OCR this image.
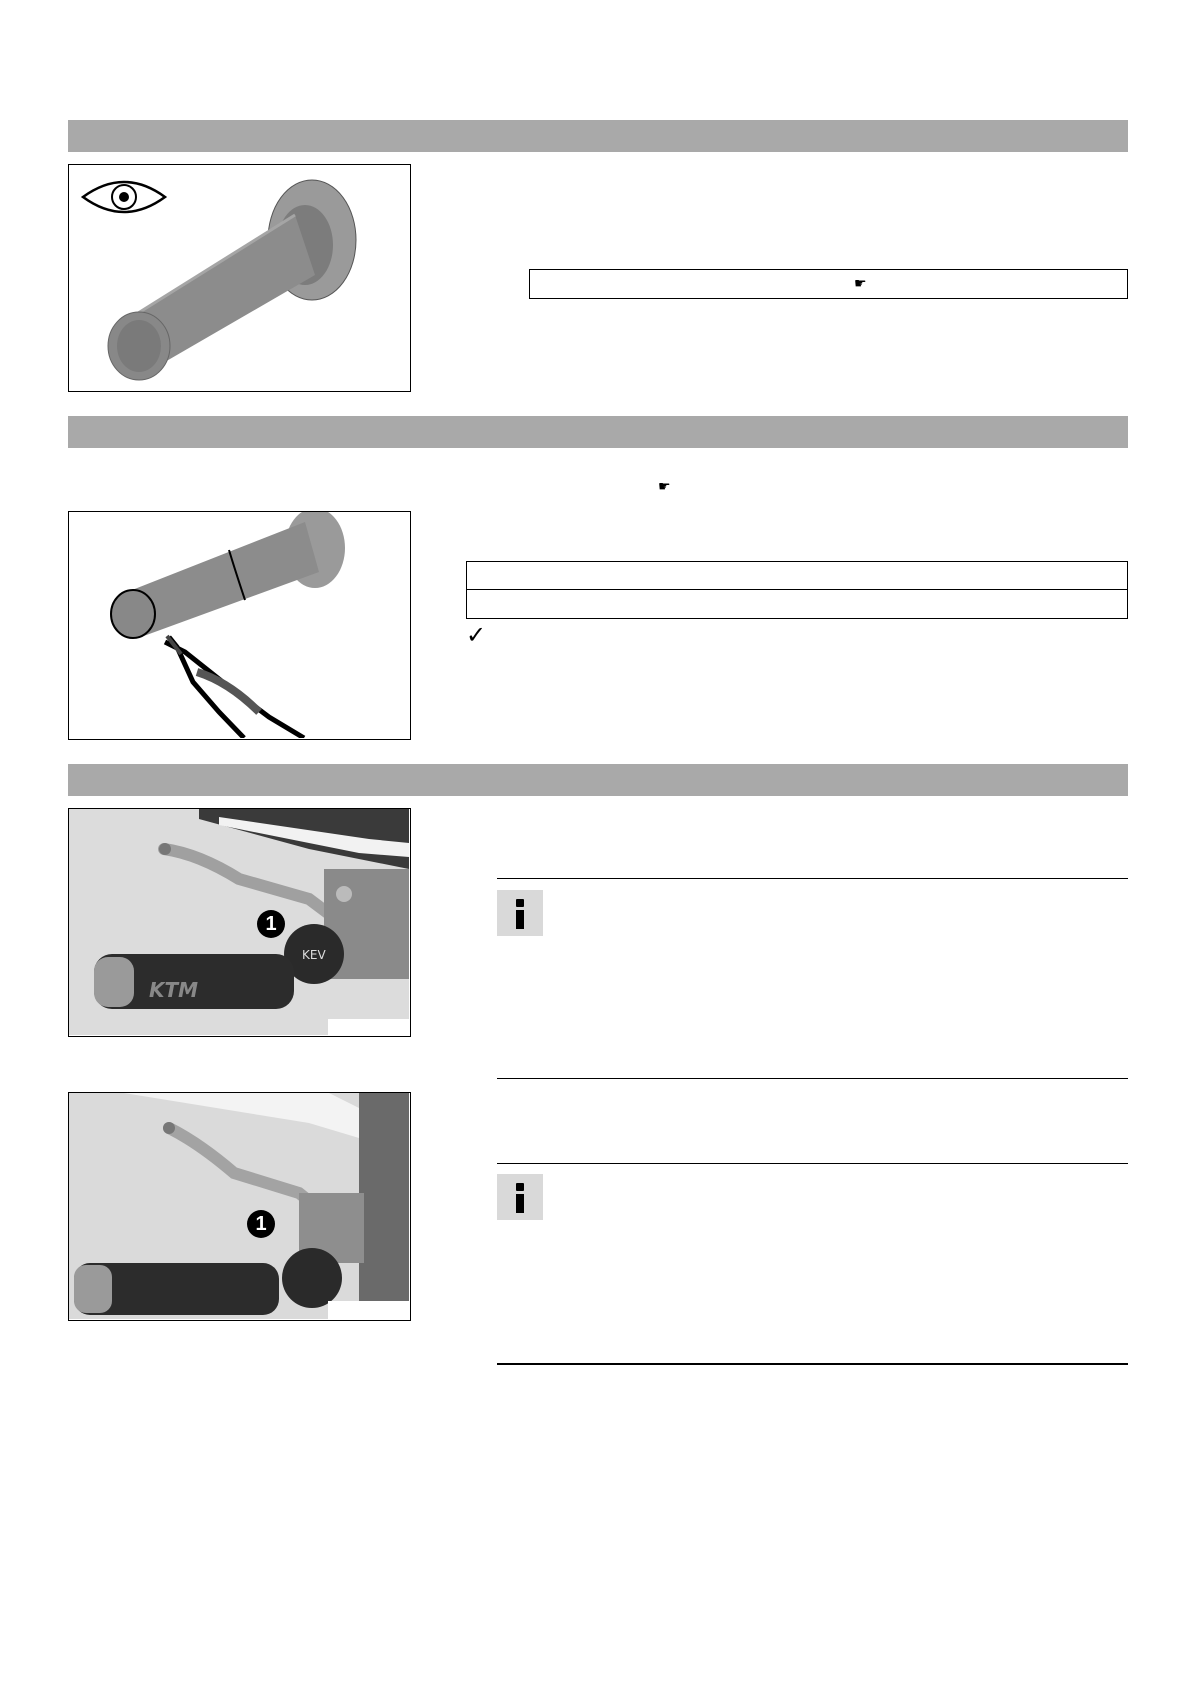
☛
☛
✓
KEV
KTM
1
1
